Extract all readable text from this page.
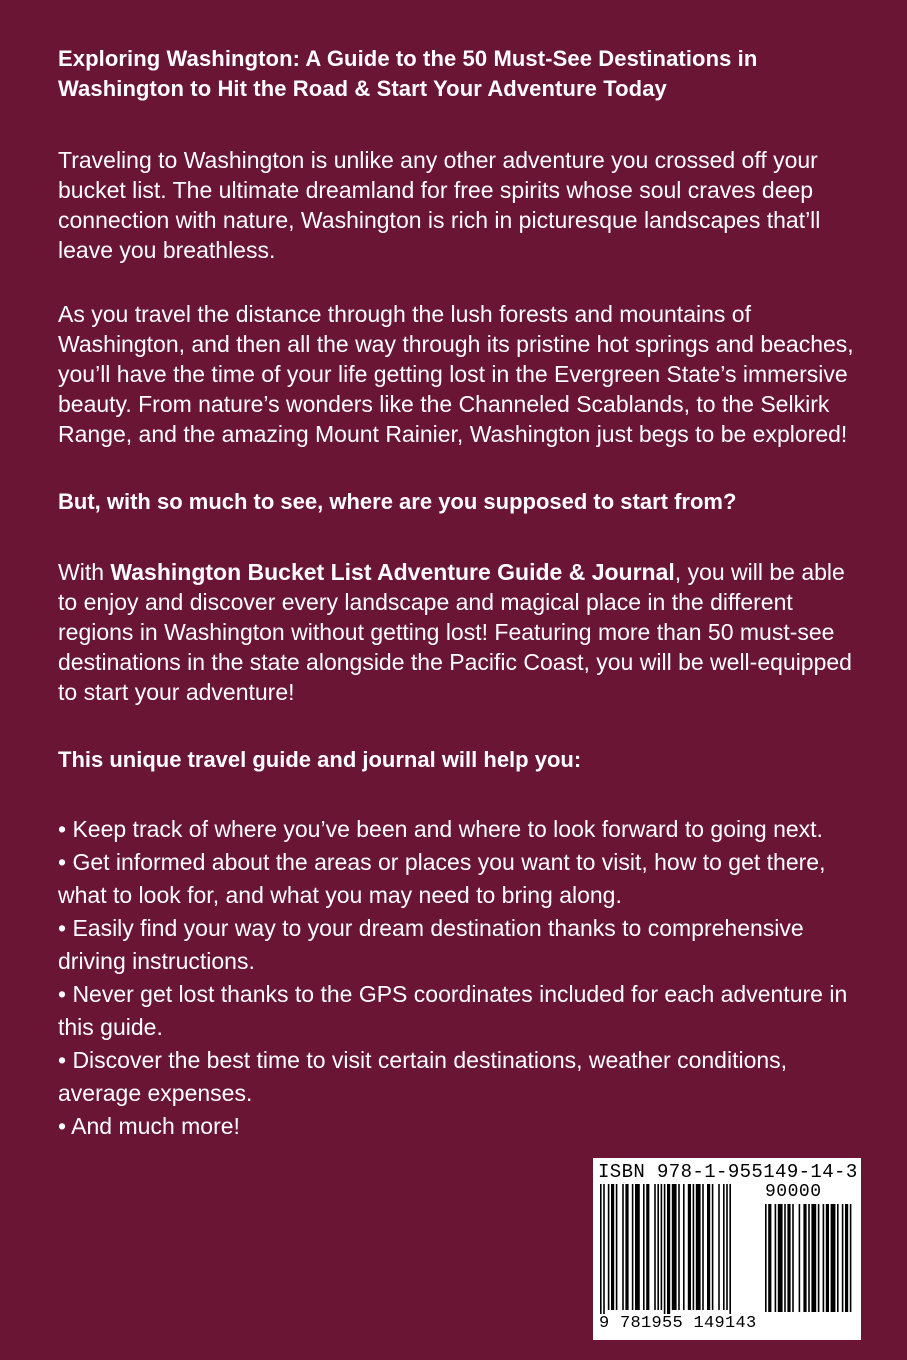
Exploring Washington: A Guide to the 50 Must-See Destinations in Washington to Hit the Road & Start Your Adventure Today

Traveling to Washington is unlike any other adventure you crossed off your bucket list. The ultimate dreamland for free spirits whose soul craves deep connection with nature, Washington is rich in picturesque landscapes that’ll leave you breathless.

As you travel the distance through the lush forests and mountains of Washington, and then all the way through its pristine hot springs and beaches, you’ll have the time of your life getting lost in the Evergreen State’s immersive beauty. From nature’s wonders like the Channeled Scablands, to the Selkirk Range, and the amazing Mount Rainier, Washington just begs to be explored!

But, with so much to see, where are you supposed to start from?

With Washington Bucket List Adventure Guide & Journal, you will be able to enjoy and discover every landscape and magical place in the different regions in Washington without getting lost! Featuring more than 50 must-see destinations in the state alongside the Pacific Coast, you will be well-equipped to start your adventure!

This unique travel guide and journal will help you:

• Keep track of where you’ve been and where to look forward to going next.
• Get informed about the areas or places you want to visit, how to get there, what to look for, and what you may need to bring along.
• Easily find your way to your dream destination thanks to comprehensive driving instructions.
• Never get lost thanks to the GPS coordinates included for each adventure in this guide.
• Discover the best time to visit certain destinations, weather conditions, average expenses.
• And much more!
ISBN 978-1-955149-14-3
90000
9 781955 149143
